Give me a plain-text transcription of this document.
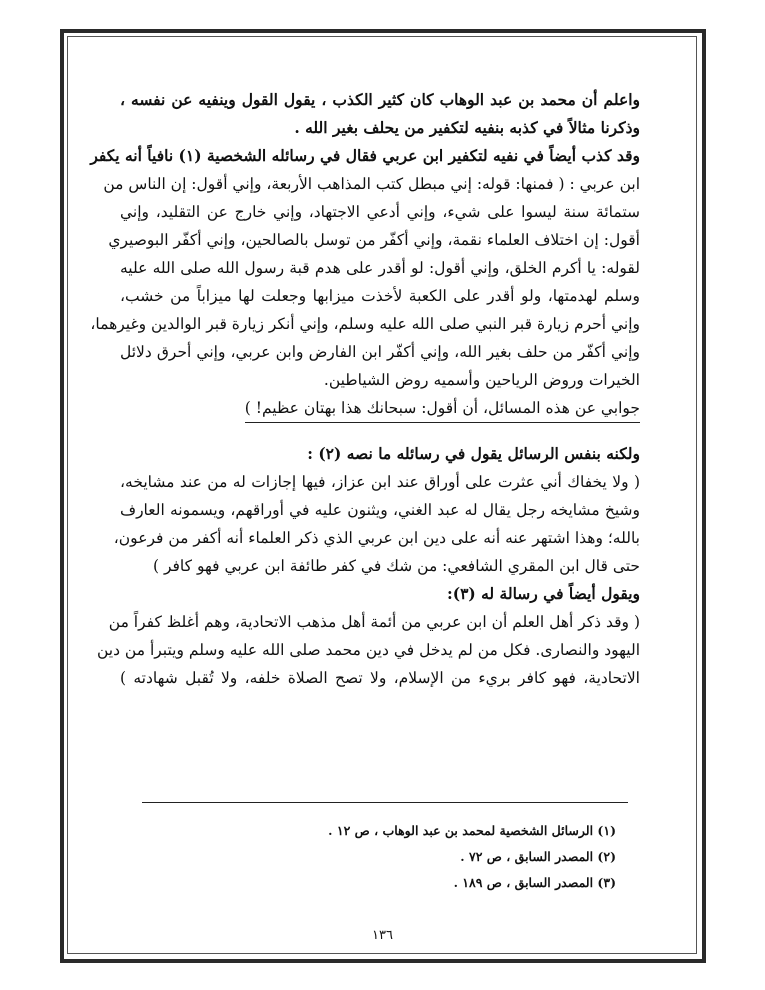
واعلم أن محمد بن عبد الوهاب كان كثير الكذب ، يقول القول وينفيه عن نفسه ،
وذكرنا مثالاً في كذبه بنفيه لتكفير من يحلف بغير الله .
وقد كذب أيضاً في نفيه لتكفير ابن عربي فقال في رسائله الشخصية (١) نافياً أنه يكفر
ابن عربي : ( فمنها: قوله: إني مبطل كتب المذاهب الأربعة، وإني أقول: إن الناس من
ستمائة سنة ليسوا على شيء، وإني أدعي الاجتهاد، وإني خارج عن التقليد، وإني
أقول: إن اختلاف العلماء نقمة، وإني أكفّر من توسل بالصالحين، وإني أكفّر البوصيري
لقوله: يا أكرم الخلق، وإني أقول: لو أقدر على هدم قبة رسول الله صلى الله عليه
وسلم لهدمتها، ولو أقدر على الكعبة لأخذت ميزابها وجعلت لها ميزاباً من خشب،
وإني أحرم زيارة قبر النبي صلى الله عليه وسلم، وإني أنكر زيارة قبر الوالدين وغيرهما،
وإني أكفّر من حلف بغير الله، وإني أكفّر ابن الفارض وابن عربي، وإني أحرق دلائل
الخيرات وروض الرياحين وأسميه روض الشياطين.
جوابي عن هذه المسائل، أن أقول: سبحانك هذا بهتان عظيم! )
ولكنه بنفس الرسائل يقول في رسائله ما نصه (٢) :
( ولا يخفاك أني عثرت على أوراق عند ابن عزاز، فيها إجازات له من عند مشايخه،
وشيخ مشايخه رجل يقال له عبد الغني، ويثنون عليه في أوراقهم، ويسمونه العارف
بالله؛ وهذا اشتهر عنه أنه على دين ابن عربي الذي ذكر العلماء أنه أكفر من فرعون،
حتى قال ابن المقري الشافعي: من شك في كفر طائفة ابن عربي فهو كافر )
ويقول أيضاً في رسالة له (٣):
( وقد ذكر أهل العلم أن ابن عربي من أئمة أهل مذهب الاتحادية، وهم أغلظ كفراً من
اليهود والنصارى. فكل من لم يدخل في دين محمد صلى الله عليه وسلم ويتبرأ من دين
الاتحادية، فهو كافر بريء من الإسلام، ولا تصح الصلاة خلفه، ولا تُقبل شهادته )
(١) الرسائل الشخصية لمحمد بن عبد الوهاب ، ص ١٢ .
(٢) المصدر السابق ، ص ٧٢ .
(٣) المصدر السابق ، ص ١٨٩ .
١٣٦
